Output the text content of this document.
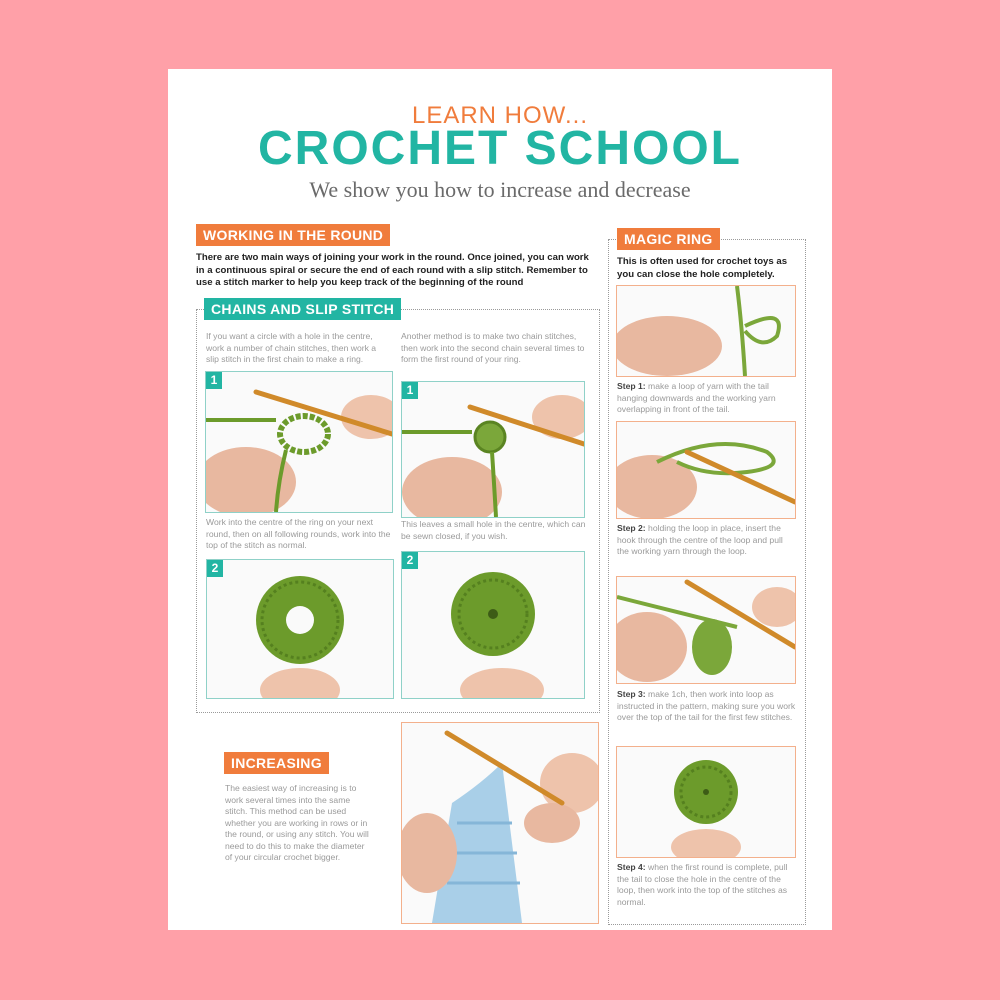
LEARN HOW...
CROCHET SCHOOL
We show you how to increase and decrease
WORKING IN THE ROUND
There are two main ways of joining your work in the round. Once joined, you can work in a continuous spiral or secure the end of each round with a slip stitch. Remember to use a stitch marker to help you keep track of the beginning of the round
CHAINS AND SLIP STITCH
If you want a circle with a hole in the centre, work a number of chain stitches, then work a slip stitch in the first chain to make a ring.
Another method is to make two chain stitches, then work into the second chain several times to form the first round of your ring.
1
1
Work into the centre of the ring on your next round, then on all following rounds, work into the top of the stitch as normal.
This leaves a small hole in the centre, which can be sewn closed, if you wish.
2
2
INCREASING
The easiest way of increasing is to work several times into the same stitch. This method can be used whether you are working in rows or in the round, or using any stitch. You will need to do this to make the diameter of your circular crochet bigger.
MAGIC RING
This is often used for crochet toys as you can close the hole completely.
Step 1: make a loop of yarn with the tail hanging downwards and the working yarn overlapping in front of the tail.
Step 2: holding the loop in place, insert the hook through the centre of the loop and pull the working yarn through the loop.
Step 3: make 1ch, then work into loop as instructed in the pattern, making sure you work over the top of the tail for the first few stitches.
Step 4: when the first round is complete, pull the tail to close the hole in the centre of the loop, then work into the top of the stitches as normal.
